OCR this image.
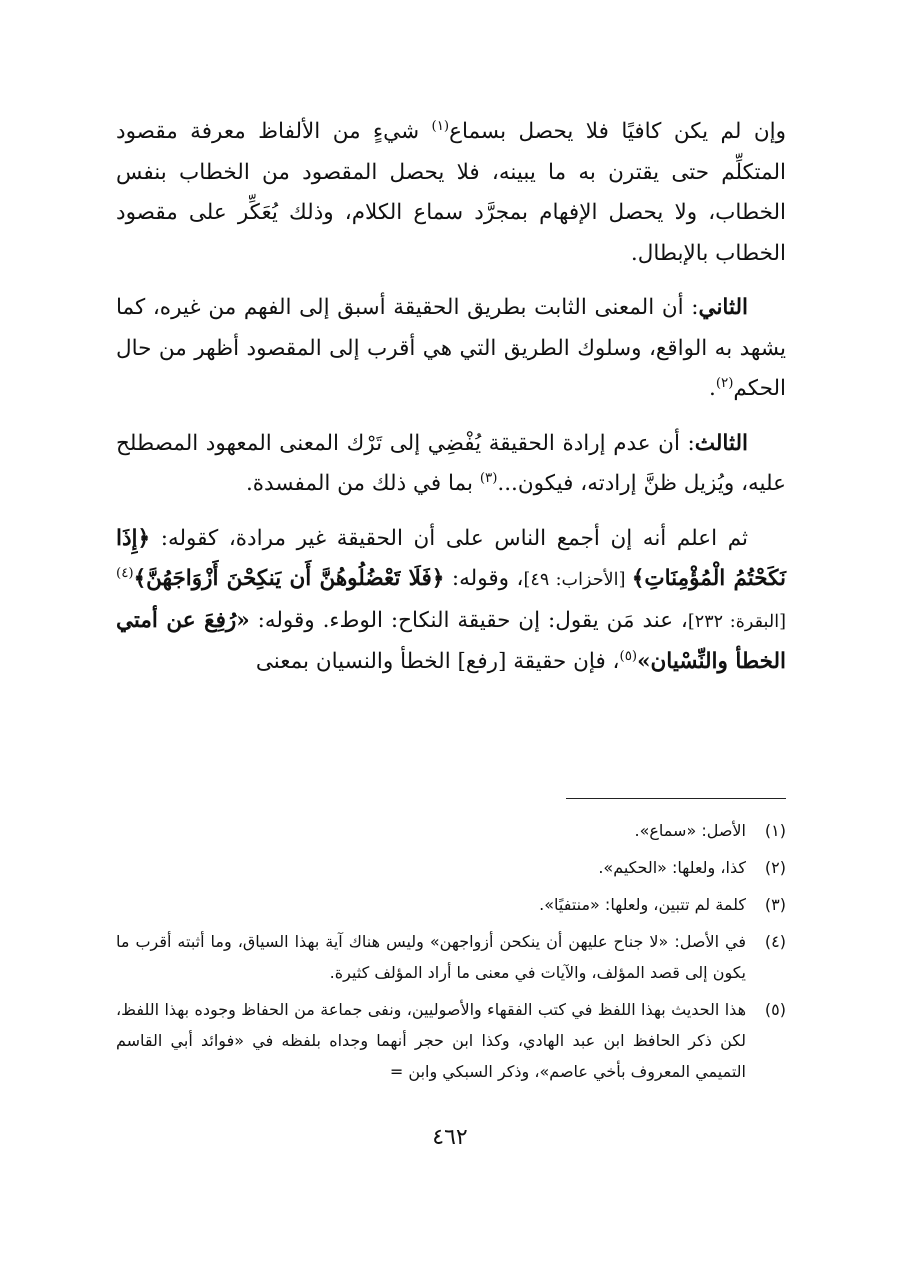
وإن لم يكن كافيًا فلا يحصل بسماع$^{(١)}$ شيءٍ من الألفاظ معرفة مقصود المتكلِّم حتى يقترن به ما يبينه، فلا يحصل المقصود من الخطاب بنفس الخطاب، ولا يحصل الإفهام بمجرَّد سماع الكلام، وذلك يُعَكِّر على مقصود الخطاب بالإبطال.

الثاني: أن المعنى الثابت بطريق الحقيقة أسبق إلى الفهم من غيره، كما يشهد به الواقع، وسلوك الطريق التي هي أقرب إلى المقصود أظهر من حال الحكم$^{(٢)}$.

الثالث: أن عدم إرادة الحقيقة يُفْضِي إلى تَرْك المعنى المعهود المصطلح عليه، ويُزيل ظنَّ إرادته، فيكون...$^{(٣)}$ بما في ذلك من المفسدة.

ثم اعلم أنه إن أجمع الناس على أن الحقيقة غير مرادة، كقوله: ﴿إِذَا نَكَحْتُمُ الْمُؤْمِنَاتِ﴾ [الأحزاب: ٤٩]، وقوله: ﴿فَلَا تَعْضُلُوهُنَّ أَن يَنكِحْنَ أَزْوَاجَهُنَّ﴾$^{(٤)}$ [البقرة: ٢٣٢]، عند مَن يقول: إن حقيقة النكاح: الوطء. وقوله: «رُفِعَ عن أمتي الخطأ والنِّسْيان»$^{(٥)}$، فإن حقيقة [رفع] الخطأ والنسيان بمعنى

(١)
الأصل: «سماع».
(٢)
كذا، ولعلها: «الحكيم».
(٣)
كلمة لم تتبين، ولعلها: «منتفيًا».
(٤)
في الأصل: «لا جناح عليهن أن ينكحن أزواجهن» وليس هناك آية بهذا السياق، وما أثبته أقرب ما يكون إلى قصد المؤلف، والآيات في معنى ما أراد المؤلف كثيرة.
(٥)
هذا الحديث بهذا اللفظ في كتب الفقهاء والأصوليين، ونفى جماعة من الحفاظ وجوده بهذا اللفظ، لكن ذكر الحافظ ابن عبد الهادي، وكذا ابن حجر أنهما وجداه بلفظه في «فوائد أبي القاسم التميمي المعروف بأخي عاصم»، وذكر السبكي وابن =
٤٦٢
